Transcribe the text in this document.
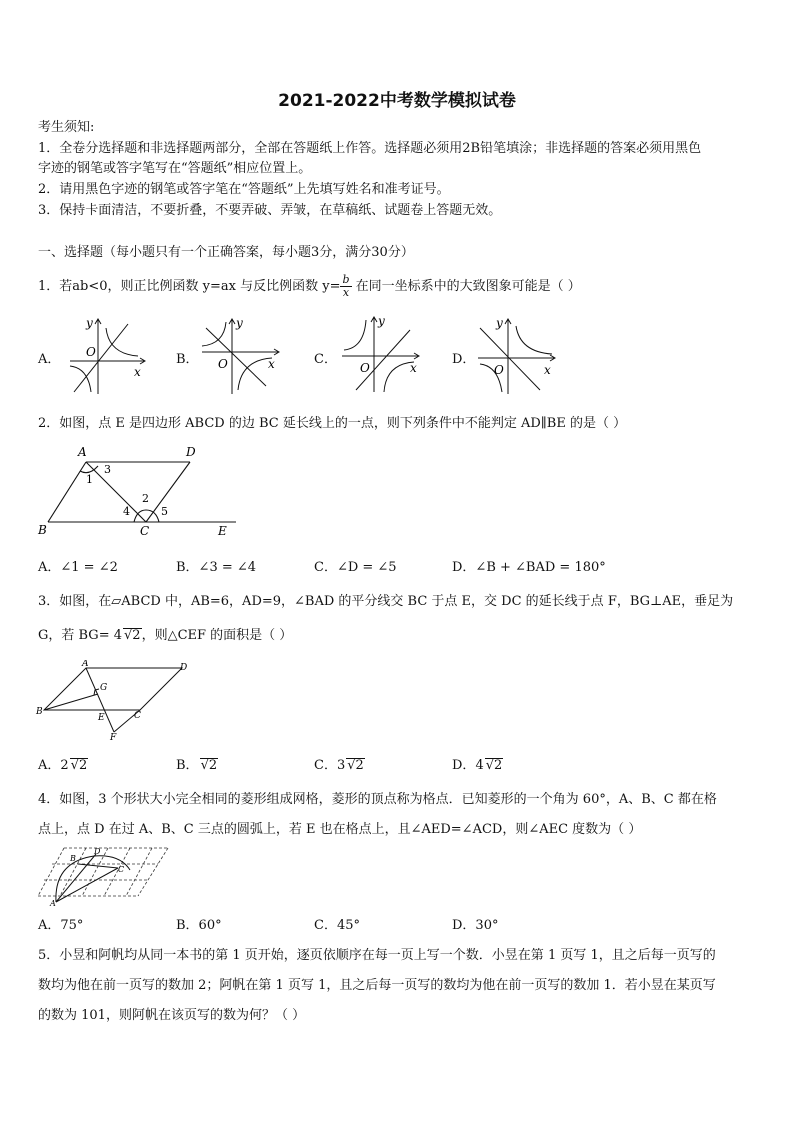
2021-2022中考数学模拟试卷
考生须知:
1．全卷分选择题和非选择题两部分，全部在答题纸上作答。选择题必须用2B铅笔填涂；非选择题的答案必须用黑色
字迹的钢笔或答字笔写在“答题纸”相应位置上。
2．请用黑色字迹的钢笔或答字笔在“答题纸”上先填写姓名和准考证号。
3．保持卡面清洁，不要折叠，不要弄破、弄皱，在草稿纸、试题卷上答题无效。
一、选择题（每小题只有一个正确答案，每小题3分，满分30分）
1．若ab<0，则正比例函数 y=ax 与反比例函数 $y= \frac{b}{x}$ 在同一坐标系中的大致图象可能是（ ）
A．
y
x
O	B．
y
x
O	C．
y
x
O
D．
y
x
O
2．如图，点 E 是四边形 ABCD 的边 BC 延长线上的一点，则下列条件中不能判定 AD∥BE 的是（ ）
A	D
B	C	E
1
2
3
4	5
A．∠1 = ∠2	B．∠3 = ∠4	C．∠D = ∠5	D．∠B + ∠BAD = 180°
3．如图，在▱ABCD 中，AB=6，AD=9，∠BAD 的平分线交 BC 于点 E，交 DC 的延长线于点 F，BG⊥AE，垂足为
G，若 BG= 4 √2，则△CEF 的面积是（ ）
A	D
G
B
E	C
F
A．2 √2	B． √2	C．3 √2	D．4 √2
4．如图，3 个形状大小完全相同的菱形组成网格，菱形的顶点称为格点．已知菱形的一个角为 60°，A、B、C 都在格
点上，点 D 在过 A、B、C 三点的圆弧上，若 E 也在格点上，且∠AED=∠ACD，则∠AEC 度数为（ ）
B
D
C
A
A．75°	B．60°	C．45°	D．30°
5．小昱和阿帆均从同一本书的第 1 页开始，逐页依顺序在每一页上写一个数．小昱在第 1 页写 1，且之后每一页写的
数均为他在前一页写的数加 2；阿帆在第 1 页写 1，且之后每一页写的数均为他在前一页写的数加 1．若小昱在某页写
的数为 101，则阿帆在该页写的数为何？（ ）
